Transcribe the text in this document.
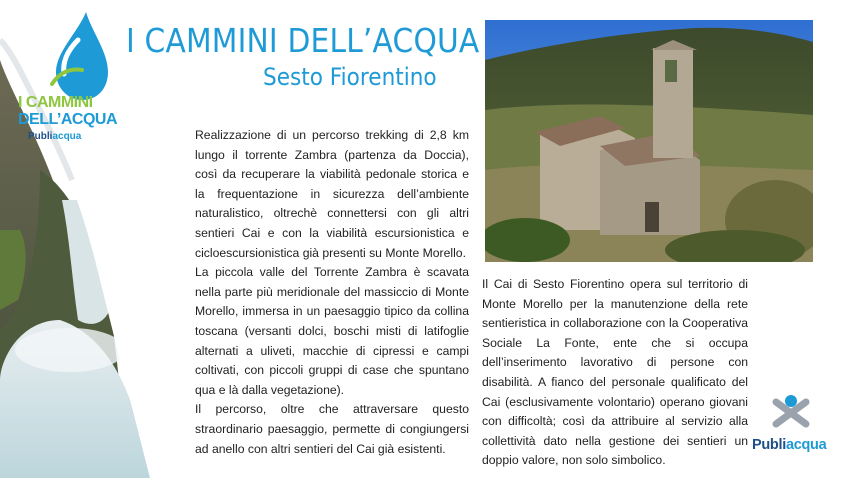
I CAMMINI
DELL’ACQUA
Publiacqua
I CAMMINI DELL’ACQUA
Sesto Fiorentino

Realizzazione di un percorso trekking di 2,8 km lungo il torrente Zambra (partenza da Doccia), così da recuperare la viabilità pedonale storica e la frequentazione in sicurezza dell’ambiente naturalistico, oltrechè connettersi con gli altri sentieri Cai e con la viabilità escursionistica e cicloescursionistica già presenti su Monte Morello.

La piccola valle del Torrente Zambra è scavata nella parte più meridionale del massiccio di Monte Morello, immersa in un paesaggio tipico da collina toscana (versanti dolci, boschi misti di latifoglie alternati a uliveti, macchie di cipressi e campi coltivati, con piccoli gruppi di case che spuntano qua e là dalla vegetazione).

Il percorso, oltre che attraversare questo straordinario paesaggio, permette di congiungersi ad anello con altri sentieri del Cai già esistenti.

Il Cai di Sesto Fiorentino opera sul territorio di Monte Morello per la manutenzione della rete sentieristica in collaborazione con la Cooperativa Sociale La Fonte, ente che si occupa dell’inserimento lavorativo di persone con disabilità. A fianco del personale qualificato del Cai (esclusivamente volontario) operano giovani con difficoltà; così da attribuire al servizio alla collettività dato nella gestione dei sentieri un doppio valore, non solo simbolico.

Publiacqua
